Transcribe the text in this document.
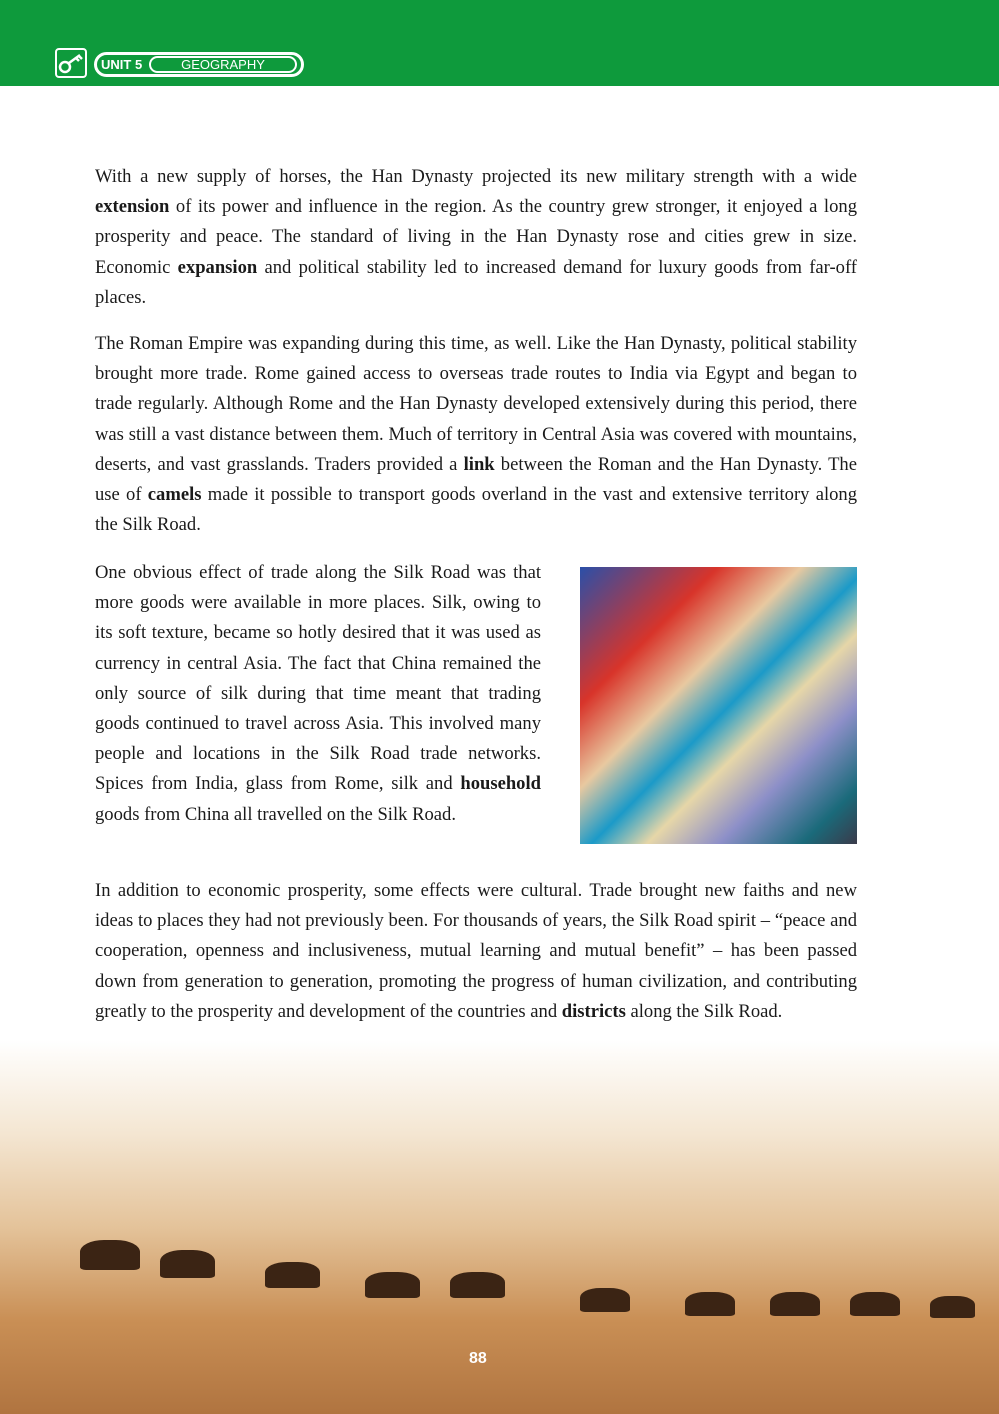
UNIT 5	GEOGRAPHY

With a new supply of horses, the Han Dynasty projected its new military strength with a wide extension of its power and influence in the region. As the country grew stronger, it enjoyed a long prosperity and peace. The standard of living in the Han Dynasty rose and cities grew in size. Economic expansion and political stability led to increased demand for luxury goods from far-off places.

The Roman Empire was expanding during this time, as well. Like the Han Dynasty, political stability brought more trade. Rome gained access to overseas trade routes to India via Egypt and began to trade regularly. Although Rome and the Han Dynasty developed extensively during this period, there was still a vast distance between them. Much of territory in Central Asia was covered with mountains, deserts, and vast grasslands. Traders provided a link between the Roman and the Han Dynasty. The use of camels made it possible to transport goods overland in the vast and extensive territory along the Silk Road.

One obvious effect of trade along the Silk Road was that more goods were available in more places. Silk, owing to its soft texture, became so hotly desired that it was used as currency in central Asia. The fact that China remained the only source of silk during that time meant that trading goods continued to travel across Asia. This involved many people and locations in the Silk Road trade networks. Spices from India, glass from Rome, silk and household goods from China all travelled on the Silk Road.

In addition to economic prosperity, some effects were cultural. Trade brought new faiths and new ideas to places they had not previously been. For thousands of years, the Silk Road spirit – “peace and cooperation, openness and inclusiveness, mutual learning and mutual benefit” – has been passed down from generation to generation, promoting the progress of human civilization, and contributing greatly to the prosperity and development of the countries and districts along the Silk Road.

88
